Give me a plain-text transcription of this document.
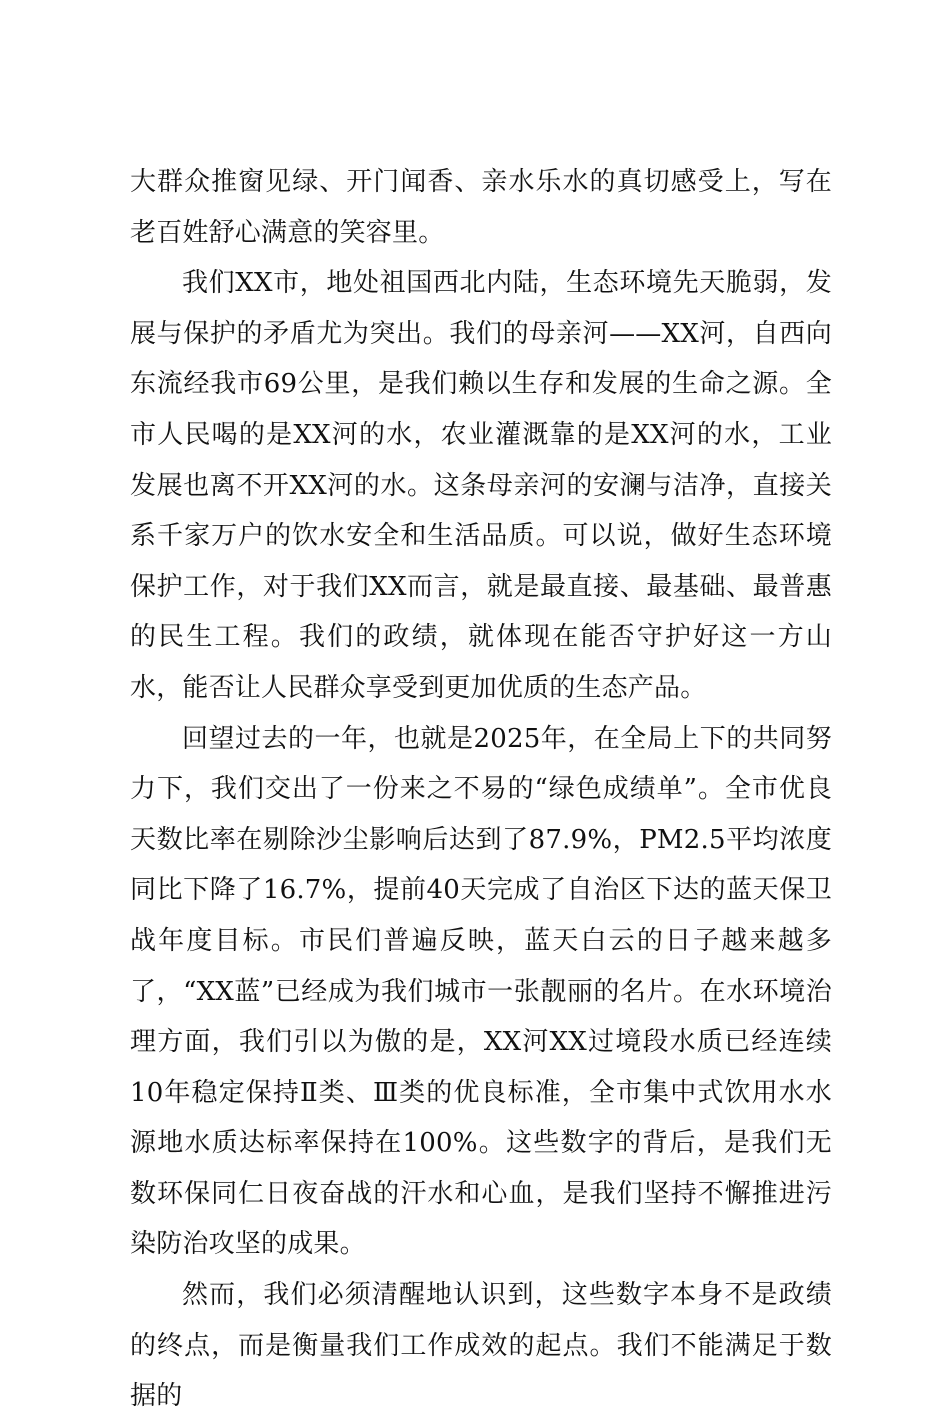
大群众推窗见绿、开门闻香、亲水乐水的真切感受上，写在老百姓舒心满意的笑容里。

我们XX市，地处祖国西北内陆，生态环境先天脆弱，发展与保护的矛盾尤为突出。我们的母亲河——XX河，自西向东流经我市69公里，是我们赖以生存和发展的生命之源。全市人民喝的是XX河的水，农业灌溉靠的是XX河的水，工业发展也离不开XX河的水。这条母亲河的安澜与洁净，直接关系千家万户的饮水安全和生活品质。可以说，做好生态环境保护工作，对于我们XX而言，就是最直接、最基础、最普惠的民生工程。我们的政绩，就体现在能否守护好这一方山水，能否让人民群众享受到更加优质的生态产品。

回望过去的一年，也就是2025年，在全局上下的共同努力下，我们交出了一份来之不易的“绿色成绩单”。全市优良天数比率在剔除沙尘影响后达到了87.9%，PM2.5平均浓度同比下降了16.7%，提前40天完成了自治区下达的蓝天保卫战年度目标。市民们普遍反映，蓝天白云的日子越来越多了，“XX蓝”已经成为我们城市一张靓丽的名片。在水环境治理方面，我们引以为傲的是，XX河XX过境段水质已经连续10年稳定保持Ⅱ类、Ⅲ类的优良标准，全市集中式饮用水水源地水质达标率保持在100%。这些数字的背后，是我们无数环保同仁日夜奋战的汗水和心血，是我们坚持不懈推进污染防治攻坚的成果。

然而，我们必须清醒地认识到，这些数字本身不是政绩的终点，而是衡量我们工作成效的起点。我们不能满足于数据的
